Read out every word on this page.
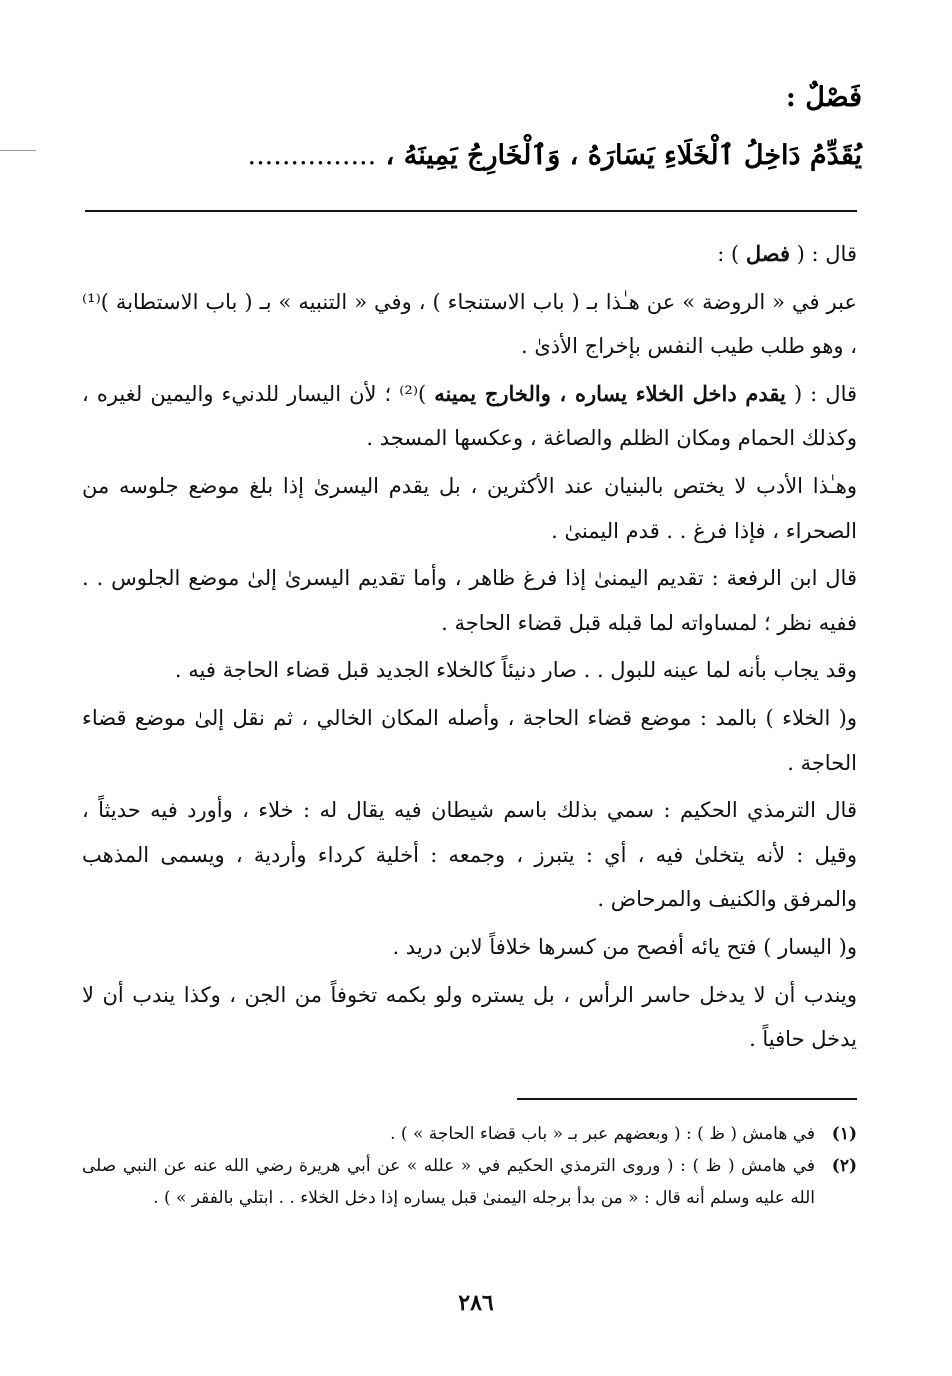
فَصْلٌ :
يُقَدِّمُ دَاخِلُ ٱلْخَلَاءِ يَسَارَهُ ، وَٱلْخَارِجُ يَمِينَهُ ، ...............

قال : ( فصل ) :

عبر في « الروضة » عن هـٰذا بـ ( باب الاستنجاء ) ، وفي « التنبيه » بـ ( باب الاستطابة )⁽¹⁾ ، وهو طلب طيب النفس بإخراج الأذىٰ .

قال : ( يقدم داخل الخلاء يساره ، والخارج يمينه )⁽²⁾ ؛ لأن اليسار للدنيء واليمين لغيره ، وكذلك الحمام ومكان الظلم والصاغة ، وعكسها المسجد .

وهـٰذا الأدب لا يختص بالبنيان عند الأكثرين ، بل يقدم اليسرىٰ إذا بلغ موضع جلوسه من الصحراء ، فإذا فرغ . . قدم اليمنىٰ .

قال ابن الرفعة : تقديم اليمنىٰ إذا فرغ ظاهر ، وأما تقديم اليسرىٰ إلىٰ موضع الجلوس . . ففيه نظر ؛ لمساواته لما قبله قبل قضاء الحاجة .

وقد يجاب بأنه لما عينه للبول . . صار دنيئاً كالخلاء الجديد قبل قضاء الحاجة فيه .

و( الخلاء ) بالمد : موضع قضاء الحاجة ، وأصله المكان الخالي ، ثم نقل إلىٰ موضع قضاء الحاجة .

قال الترمذي الحكيم : سمي بذلك باسم شيطان فيه يقال له : خلاء ، وأورد فيه حديثاً ، وقيل : لأنه يتخلىٰ فيه ، أي : يتبرز ، وجمعه : أخلية كرداء وأردية ، ويسمى المذهب والمرفق والكنيف والمرحاض .

و( اليسار ) فتح يائه أفصح من كسرها خلافاً لابن دريد .

ويندب أن لا يدخل حاسر الرأس ، بل يستره ولو بكمه تخوفاً من الجن ، وكذا يندب أن لا يدخل حافياً .

(١)
في هامش ( ظ ) : ( وبعضهم عبر بـ « باب قضاء الحاجة » ) .
(٢)
في هامش ( ظ ) : ( وروى الترمذي الحكيم في « علله » عن أبي هريرة رضي الله عنه عن النبي صلى الله عليه وسلم أنه قال : « من بدأ برجله اليمنىٰ قبل يساره إذا دخل الخلاء . . ابتلي بالفقر » ) .
٢٨٦
